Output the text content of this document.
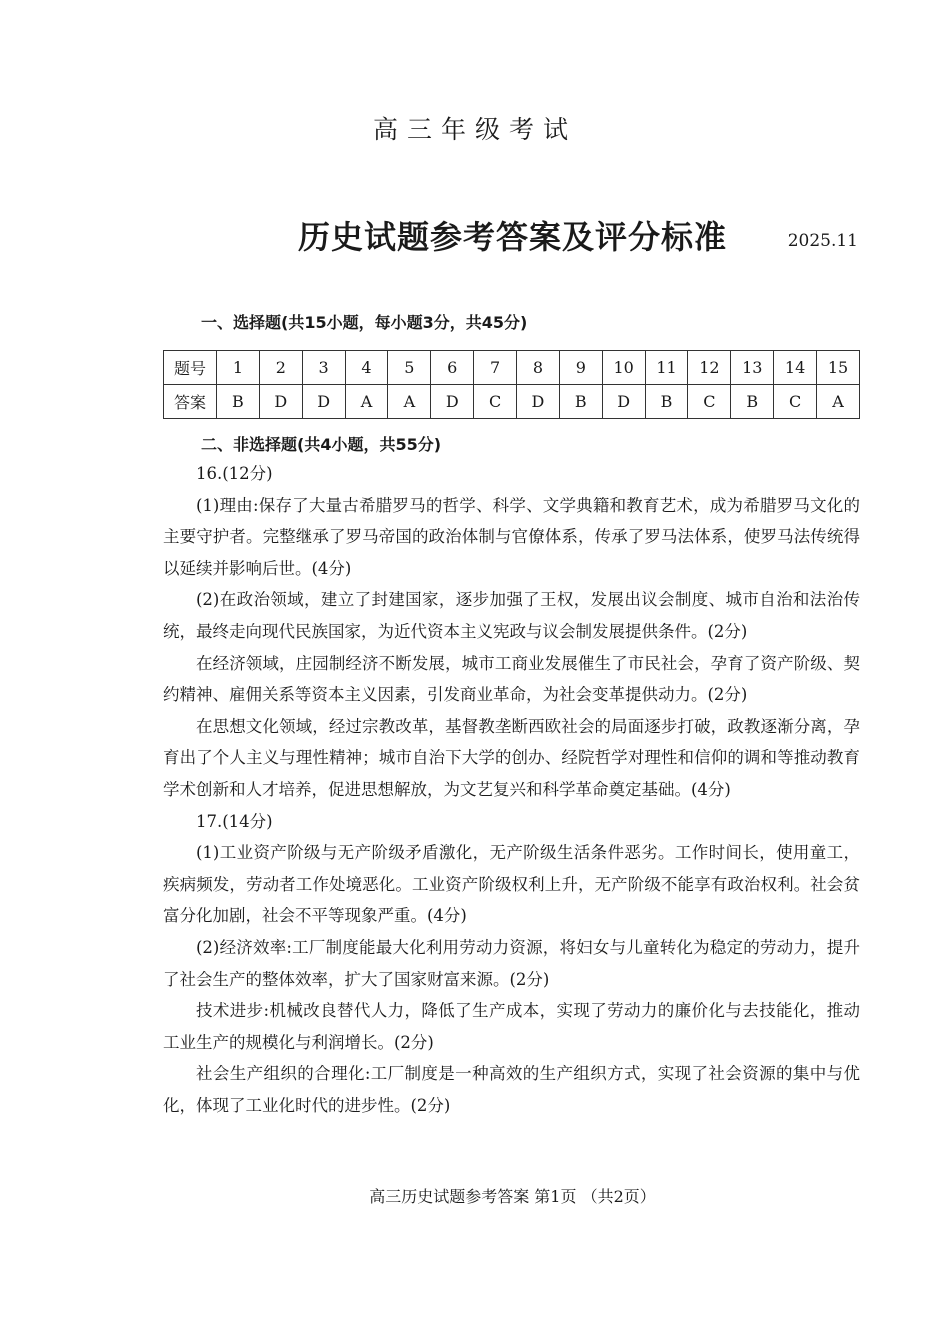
高三年级考试
历史试题参考答案及评分标准	2025.11
一、选择题(共15小题，每小题3分，共45分)
题号	1	2	3	4	5	6	7	8	9	10	11	12	13	14	15
答案	B	D	D	A	A	D	C	D	B	D	B	C	B	C	A
二、非选择题(共4小题，共55分)

16.(12分)

(1)理由:保存了大量古希腊罗马的哲学、科学、文学典籍和教育艺术，成为希腊罗马文化的主要守护者。完整继承了罗马帝国的政治体制与官僚体系，传承了罗马法体系，使罗马法传统得以延续并影响后世。(4分)

(2)在政治领域，建立了封建国家，逐步加强了王权，发展出议会制度、城市自治和法治传统，最终走向现代民族国家，为近代资本主义宪政与议会制发展提供条件。(2分)

在经济领域，庄园制经济不断发展，城市工商业发展催生了市民社会，孕育了资产阶级、契约精神、雇佣关系等资本主义因素，引发商业革命，为社会变革提供动力。(2分)

在思想文化领域，经过宗教改革，基督教垄断西欧社会的局面逐步打破，政教逐渐分离，孕育出了个人主义与理性精神；城市自治下大学的创办、经院哲学对理性和信仰的调和等推动教育学术创新和人才培养，促进思想解放，为文艺复兴和科学革命奠定基础。(4分)

17.(14分)

(1)工业资产阶级与无产阶级矛盾激化，无产阶级生活条件恶劣。工作时间长，使用童工，疾病频发，劳动者工作处境恶化。工业资产阶级权利上升，无产阶级不能享有政治权利。社会贫富分化加剧，社会不平等现象严重。(4分)

(2)经济效率:工厂制度能最大化利用劳动力资源，将妇女与儿童转化为稳定的劳动力，提升了社会生产的整体效率，扩大了国家财富来源。(2分)

技术进步:机械改良替代人力，降低了生产成本，实现了劳动力的廉价化与去技能化，推动工业生产的规模化与利润增长。(2分)

社会生产组织的合理化:工厂制度是一种高效的生产组织方式，实现了社会资源的集中与优化，体现了工业化时代的进步性。(2分)

高三历史试题参考答案 第1页 （共2页）
